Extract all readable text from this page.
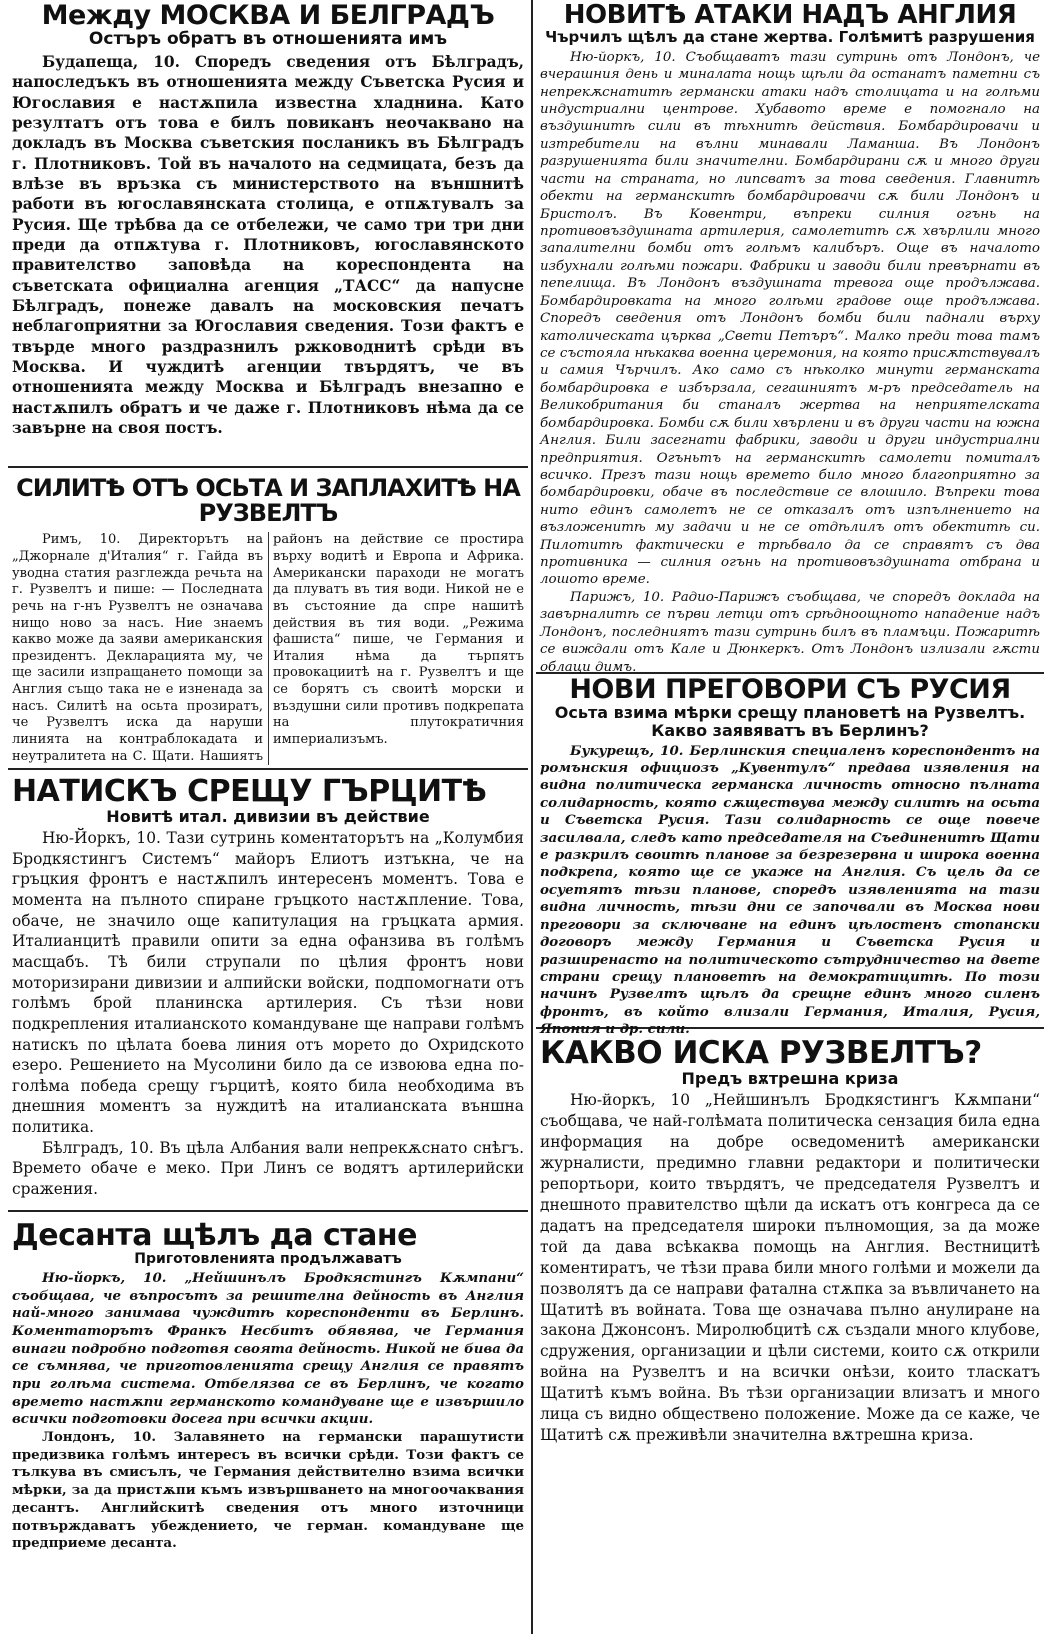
Между МОСКВА И БЕЛГРАДЪ
Остъръ обратъ въ отношенията имъ

Будапеща, 10. Споредъ сведения отъ Бѣлградъ, напоследъкъ въ отношенията между Съветска Русия и Югославия е настѫпила известна хладнина. Като резултатъ отъ това е билъ повиканъ неочаквано на докладъ въ Москва съветския посланикъ въ Бѣлградъ г. Плотниковъ. Той въ началото на седмицата, безъ да влѣзе въ връзка съ министерството на външнитѣ работи въ югославянската столица, е отпѫтувалъ за Русия. Ще трѣбва да се отбележи, че само три три дни преди да отпѫтува г. Плотниковъ, югославянското правителство заповѣда на кореспондента на съветската официална агенция „ТАСС“ да напусне Бѣлградъ, понеже давалъ на московския печатъ неблагоприятни за Югославия сведения. Този фактъ е твърде много раздразнилъ ржководнитѣ срѣди въ Москва. И чуждитѣ агенции твърдятъ, че въ отношенията между Москва и Бѣлградъ внезапно е настѫпилъ обратъ и че даже г. Плотниковъ нѣма да се завърне на своя постъ.

СИЛИТѢ ОТЪ ОСЬТА И ЗАПЛАХИТѢ НА РУЗВЕЛТЪ

Римъ, 10. Директорътъ на „Джорнале д'Италия“ г. Гайда въ уводна статия разглежда речьта на г. Рузвелтъ и пише: — Последната речь на г-нъ Рузвелтъ не означава нищо ново за насъ. Ние знаемъ какво може да заяви американския президентъ. Декларацията му, че ще засили изпращането помощи за Англия също така не е изненада за насъ. Силитѣ на осьта прозиратъ, че Рузвелтъ иска да наруши линията на контраблокадата и неутралитета на С. Щати. Нашиятъ районъ на действие се простира върху водитѣ и Европа и Африка. Американски параходи не могатъ да плуватъ въ тия води. Никой не е въ състояние да спре нашитѣ действия въ тия води. „Режима фашиста“ пише, че Германия и Италия нѣма да търпятъ провокациитѣ на г. Рузвелтъ и ще се борятъ съ своитѣ морски и въздушни сили противъ подкрепата на плутократичния империализъмъ.

НАТИСКЪ СРЕЩУ ГЪРЦИТѢ
Новитѣ итал. дивизии въ действие

Ню-Йоркъ, 10. Тази сутринь коментаторътъ на „Колумбия Бродкястингъ Системъ“ майоръ Елиотъ изтъкна, че на гръцкия фронтъ е настѫпилъ интересенъ моментъ. Това е момента на пълното спиране гръцкото настѫпление. Това, обаче, не значило още капитулация на гръцката армия. Италианцитѣ правили опити за една офанзива въ голѣмъ масщабъ. Тѣ били струпали по цѣлия фронтъ нови моторизирани дивизии и алпийски войски, подпомогнати отъ голѣмъ брой планинска артилерия. Съ тѣзи нови подкрепления италианското командуване ще направи голѣмъ натискъ по цѣлата боева линия отъ морето до Охридското езеро. Решението на Мусолини било да се извоюва една по-голѣма победа срещу гърцитѣ, която била необходима въ днешния моментъ за нуждитѣ на италианската външна политика.

Бѣлградъ, 10. Въ цѣла Албания вали непрекѫснато снѣгъ. Времето обаче е меко. При Линъ се водятъ артилерийски сражения.

Десанта щѣлъ да стане
Приготовленията продължаватъ

Ню-йоркъ, 10. „Нейшинълъ Бродкястингъ Кѫмпани“ съобщава, че въпросътъ за решителна дейность въ Англия най-много занимава чуждитѣ кореспонденти въ Берлинъ. Коментаторътъ Франкъ Несбитъ обявява, че Германия винаги подробно подготвя своята дейность. Никой не бива да се съмнява, че приготовленията срещу Англия се правятъ при голѣма система. Отбелязва се въ Берлинъ, че когато времето настѫпи германското командуване ще е извършило всички подготовки досега при всички акции.

Лондонъ, 10. Залавянето на германски парашутисти предизвика голѣмъ интересъ въ всички срѣди. Този фактъ се тълкува въ смисълъ, че Германия действително взима всички мѣрки, за да пристѫпи къмъ извършването на многоочаквания десантъ. Английскитѣ сведения отъ много източници потвърждаватъ убеждението, че герман. командуване ще предприеме десанта.

НОВИТѢ АТАКИ НАДЪ АНГЛИЯ
Чърчилъ щѣлъ да стане жертва. Голѣмитѣ разрушения

Ню-йоркъ, 10. Съобщаватъ тази сутринь отъ Лондонъ, че вчерашния день и миналата нощь щѣли да останатъ паметни съ непрекѫснатитѣ германски атаки надъ столицата и на голѣми индустриални центрове. Хубавото време е помогнало на въздушнитѣ сили въ тѣхнитѣ действия. Бомбардировачи и изтребители на вълни минавали Ламанша. Въ Лондонъ разрушенията били значителни. Бомбардирани сѫ и много други части на страната, но липсватъ за това сведения. Главнитѣ обекти на германскитѣ бомбардировачи сѫ били Лондонъ и Бристолъ. Въ Ковентри, въпреки силния огънь на противовъздушната артилерия, самолетитѣ сѫ хвърлили много запалителни бомби отъ голѣмъ калибъръ. Още въ началото избухнали голѣми пожари. Фабрики и заводи били превърнати въ пепелища. Въ Лондонъ въздушната тревога още продължава. Бомбардировката на много голѣми градове още продължава. Споредъ сведения отъ Лондонъ бомби били паднали върху католическата църква „Свети Петъръ“. Малко преди това тамъ се състояла нѣкаква военна церемония, на която присѫтствувалъ и самия Чърчилъ. Ако само съ нѣколко минути германската бомбардировка е избързала, сегашниятъ м-ръ председатель на Великобритания би станалъ жертва на неприятелската бомбардировка. Бомби сѫ били хвърлени и въ други части на южна Англия. Били засегнати фабрики, заводи и други индустриални предприятия. Огъньтъ на германскитѣ самолети помиталъ всичко. Презъ тази нощь времето било много благоприятно за бомбардировки, обаче въ последствие се влошило. Въпреки това нито единъ самолетъ не се отказалъ отъ изпълнението на възложенитѣ му задачи и не се отдѣлилъ отъ обектитѣ си. Пилотитѣ фактически е трѣбвало да се справятъ съ два противника — силния огънь на противовъздушната отбрана и лошото време.

Парижъ, 10. Радио-Парижъ съобщава, че споредъ доклада на завърналитѣ се първи летци отъ срѣдноощното нападение надъ Лондонъ, последниятъ тази сутринь билъ въ пламъци. Пожаритѣ се виждали отъ Кале и Дюнкеркъ. Отъ Лондонъ излизали гѫсти облаци димъ.

НОВИ ПРЕГОВОРИ СЪ РУСИЯ
Осьта взима мѣрки срещу плановетѣ на Рузвелтъ. Какво заявяватъ въ Берлинъ?

Букурещъ, 10. Берлинския специаленъ кореспондентъ на ромънския официозъ „Кувентулъ“ предава изявления на видна политическа германска личность относно пълната солидарность, която сѫществува между силитѣ на осьта и Съветска Русия. Тази солидарность се още повече засилвала, следъ като председателя на Съединенитѣ Щати е разкрилъ своитѣ планове за безрезервна и широка военна подкрепа, която ще се укаже на Англия. Съ цель да се осуетятъ тѣзи планове, споредъ изявленията на тази видна личность, тѣзи дни се започвали въ Москва нови преговори за сключване на единъ цѣлостенъ стопански договоръ между Германия и Съветска Русия и разширенасто на политическото сътрудничество на двете страни срещу плановетѣ на демократицитѣ. По този начинъ Рузвелтъ щѣлъ да срещне единъ много силенъ фронтъ, въ който влизали Германия, Италия, Русия, Япония и др. сили.

КАКВО ИСКА РУЗВЕЛТЪ?
Предъ вѫтрешна криза

Ню-йоркъ, 10 „Нейшинълъ Бродкястингъ Кѫмпани“ съобщава, че най-голѣмата политическа сензация била една информация на добре осведоменитѣ американски журналисти, предимно главни редактори и политически репортьори, които твърдятъ, че председателя Рузвелтъ и днешното правителство щѣли да искатъ отъ конгреса да се дадатъ на председателя широки пълномощия, за да може той да дава всѣкаква помощь на Англия. Вестницитѣ коментиратъ, че тѣзи права били много голѣми и можели да позволятъ да се направи фатална стѫпка за въвличането на Щатитѣ въ войната. Това ще означава пълно анулиране на закона Джонсонъ. Миролюбцитѣ сѫ създали много клубове, сдружения, организации и цѣли системи, които сѫ открили война на Рузвелтъ и на всички онѣзи, които тласкатъ Щатитѣ къмъ война. Въ тѣзи организации влизатъ и много лица съ видно обществено положение. Може да се каже, че Щатитѣ сѫ преживѣли значителна вѫтрешна криза.
